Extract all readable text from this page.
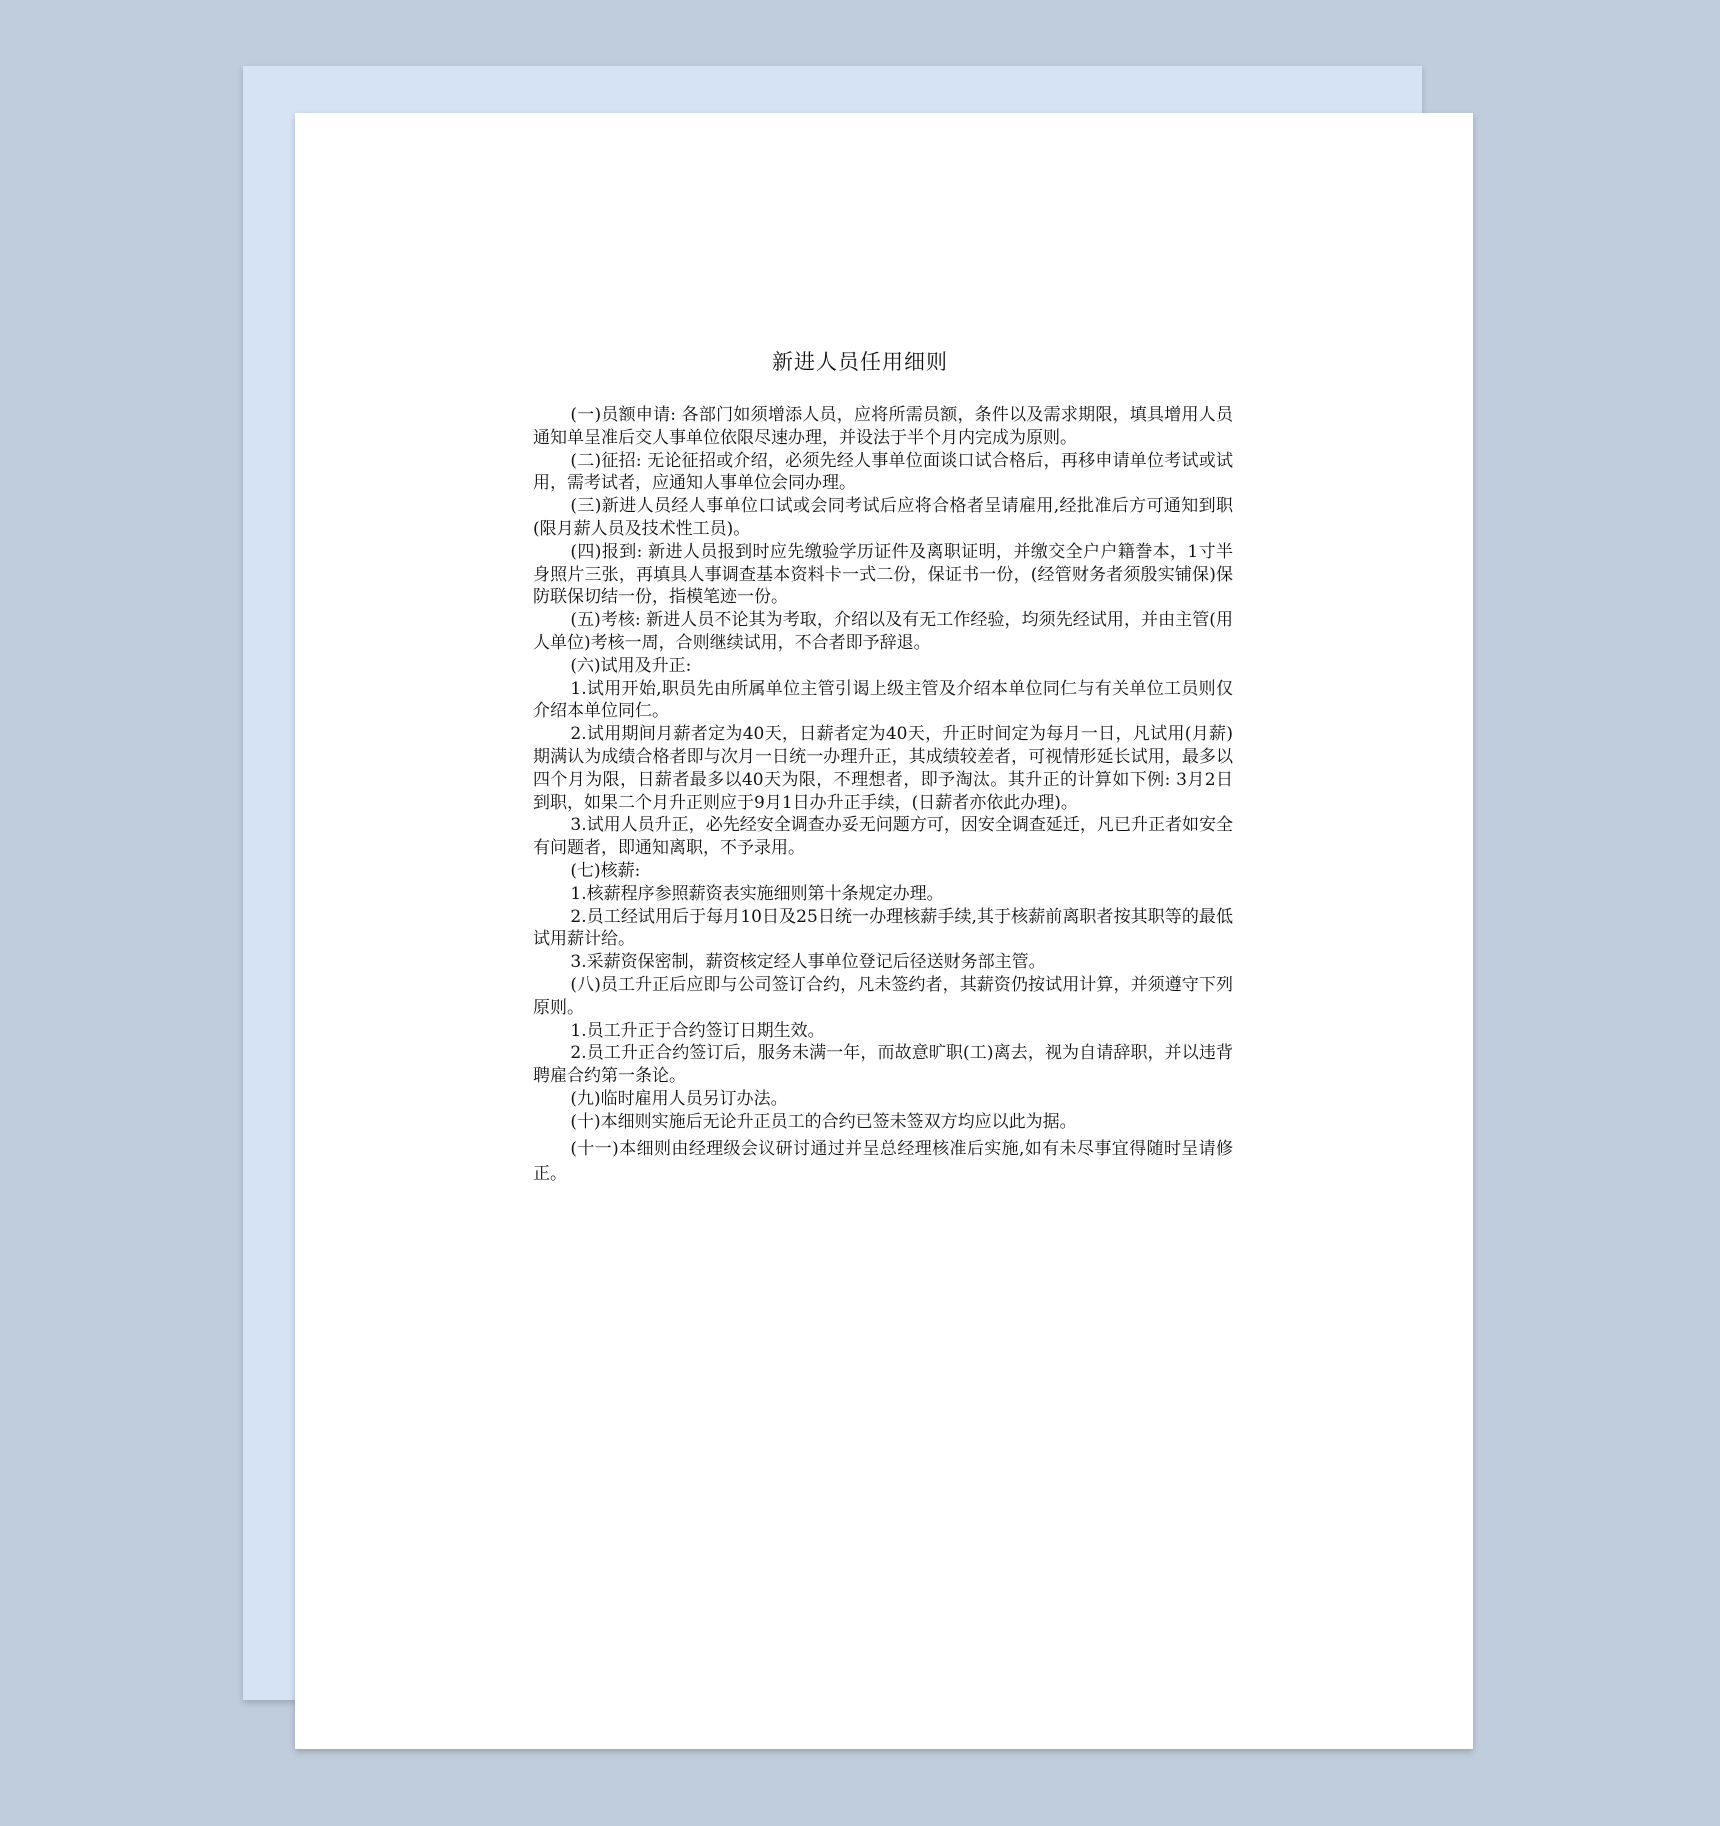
新进人员任用细则

(一)员额申请: 各部门如须增添人员，应将所需员额，条件以及需求期限，填具增用人员通知单呈准后交人事单位依限尽速办理，并设法于半个月内完成为原则。

(二)征招: 无论征招或介绍，必须先经人事单位面谈口试合格后，再移申请单位考试或试用，需考试者，应通知人事单位会同办理。

(三)新进人员经人事单位口试或会同考试后应将合格者呈请雇用,经批准后方可通知到职(限月薪人员及技术性工员)。

(四)报到: 新进人员报到时应先缴验学历证件及离职证明，并缴交全户户籍誊本，1寸半身照片三张，再填具人事调查基本资料卡一式二份，保证书一份，(经管财务者须殷实铺保)保防联保切结一份，指模笔迹一份。

(五)考核: 新进人员不论其为考取，介绍以及有无工作经验，均须先经试用，并由主管(用人单位)考核一周，合则继续试用，不合者即予辞退。

(六)试用及升正:

1.试用开始,职员先由所属单位主管引谒上级主管及介绍本单位同仁与有关单位工员则仅介绍本单位同仁。

2.试用期间月薪者定为40天，日薪者定为40天，升正时间定为每月一日，凡试用(月薪)期满认为成绩合格者即与次月一日统一办理升正，其成绩较差者，可视情形延长试用，最多以四个月为限，日薪者最多以40天为限，不理想者，即予淘汰。其升正的计算如下例: 3月2日到职，如果二个月升正则应于9月1日办升正手续，(日薪者亦依此办理)。

3.试用人员升正，必先经安全调查办妥无问题方可，因安全调查延迁，凡已升正者如安全有问题者，即通知离职，不予录用。

(七)核薪:

1.核薪程序参照薪资表实施细则第十条规定办理。

2.员工经试用后于每月10日及25日统一办理核薪手续,其于核薪前离职者按其职等的最低试用薪计给。

3.采薪资保密制，薪资核定经人事单位登记后径送财务部主管。

(八)员工升正后应即与公司签订合约，凡未签约者，其薪资仍按试用计算，并须遵守下列原则。

1.员工升正于合约签订日期生效。

2.员工升正合约签订后，服务未满一年，而故意旷职(工)离去，视为自请辞职，并以违背聘雇合约第一条论。

(九)临时雇用人员另订办法。

(十)本细则实施后无论升正员工的合约已签未签双方均应以此为据。

(十一)本细则由经理级会议研讨通过并呈总经理核准后实施,如有未尽事宜得随时呈请修正。
